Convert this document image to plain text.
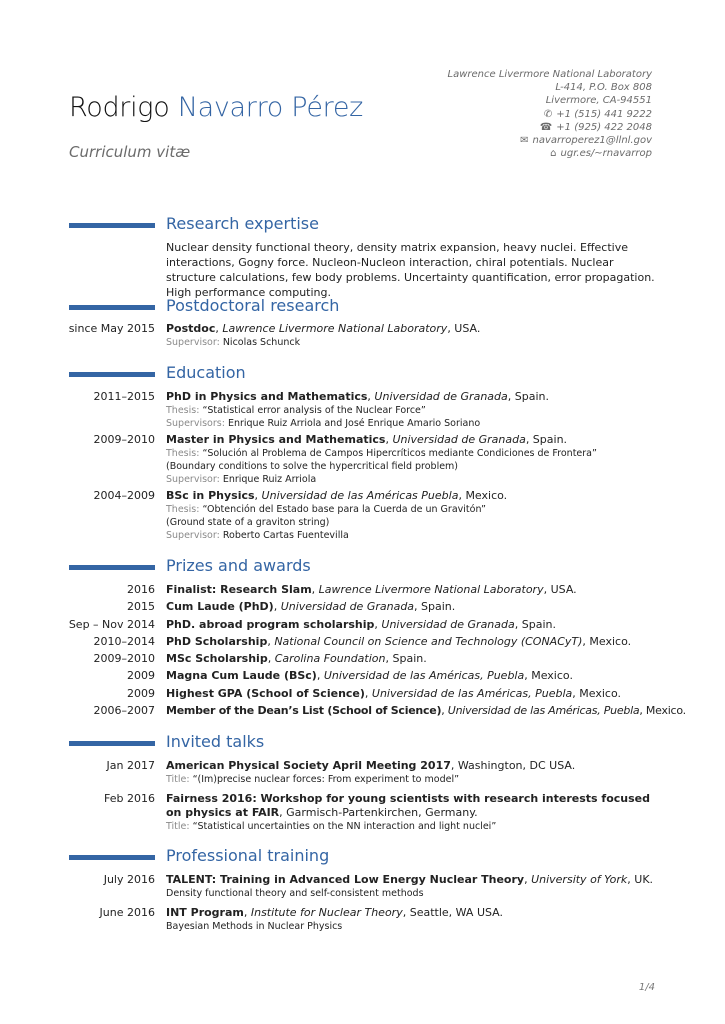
Rodrigo Navarro Pérez
Curriculum vitæ
Lawrence Livermore National Laboratory
L-414, P.O. Box 808
Livermore, CA-94551
✆ +1 (515) 441 9222
☎ +1 (925) 422 2048
✉ navarroperez1@llnl.gov
⌂ ugr.es/~rnavarrop
Research expertise
Nuclear density functional theory, density matrix expansion, heavy nuclei. Effective interactions, Gogny force. Nucleon-Nucleon interaction, chiral potentials. Nuclear structure calculations, few body problems. Uncertainty quantification, error propagation. High performance computing.
Postdoctoral research
since May 2015 Postdoc, Lawrence Livermore National Laboratory, USA.
Supervisor: Nicolas Schunck
Education
2011–2015 PhD in Physics and Mathematics, Universidad de Granada, Spain.
Thesis: “Statistical error analysis of the Nuclear Force”
Supervisors: Enrique Ruiz Arriola and José Enrique Amario Soriano
2009–2010 Master in Physics and Mathematics, Universidad de Granada, Spain.
Thesis: “Solución al Problema de Campos Hipercríticos mediante Condiciones de Frontera”
(Boundary conditions to solve the hypercritical field problem)
Supervisor: Enrique Ruiz Arriola
2004–2009 BSc in Physics, Universidad de las Américas Puebla, Mexico.
Thesis: “Obtención del Estado base para la Cuerda de un Gravitón”
(Ground state of a graviton string)
Supervisor: Roberto Cartas Fuentevilla
Prizes and awards
2016 Finalist: Research Slam, Lawrence Livermore National Laboratory, USA.
2015 Cum Laude (PhD), Universidad de Granada, Spain.
Sep – Nov 2014 PhD. abroad program scholarship, Universidad de Granada, Spain.
2010–2014 PhD Scholarship, National Council on Science and Technology (CONACyT), Mexico.
2009–2010 MSc Scholarship, Carolina Foundation, Spain.
2009 Magna Cum Laude (BSc), Universidad de las Américas, Puebla, Mexico.
2009 Highest GPA (School of Science), Universidad de las Américas, Puebla, Mexico.
2006–2007 Member of the Dean’s List (School of Science), Universidad de las Américas, Puebla, Mexico.
Invited talks
Jan 2017 American Physical Society April Meeting 2017, Washington, DC USA.
Title: “(Im)precise nuclear forces: From experiment to model”
Feb 2016 Fairness 2016: Workshop for young scientists with research interests focused on physics at FAIR, Garmisch-Partenkirchen, Germany.
Title: “Statistical uncertainties on the NN interaction and light nuclei”
Professional training
July 2016 TALENT: Training in Advanced Low Energy Nuclear Theory, University of York, UK.
Density functional theory and self-consistent methods
June 2016 INT Program, Institute for Nuclear Theory, Seattle, WA USA.
Bayesian Methods in Nuclear Physics
1/4
